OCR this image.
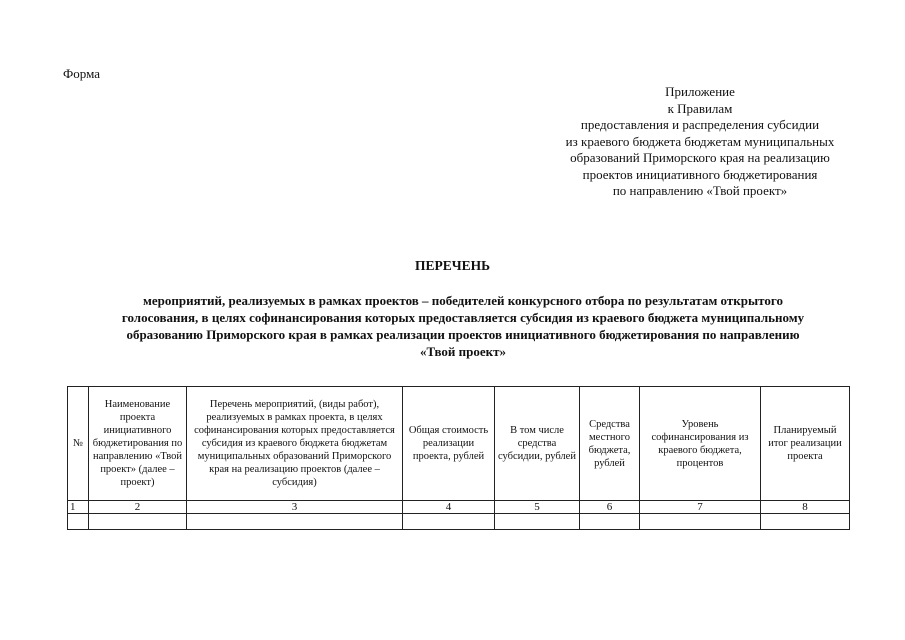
Форма
Приложение
к Правилам
предоставления и распределения субсидии
из краевого бюджета бюджетам муниципальных
образований Приморского края на реализацию
проектов инициативного бюджетирования
по направлению «Твой проект»
ПЕРЕЧЕНЬ
мероприятий, реализуемых в рамках проектов – победителей конкурсного отбора по результатам открытого
голосования, в целях софинансирования которых предоставляется субсидия из краевого бюджета муниципальному
образованию Приморского края в рамках реализации проектов инициативного бюджетирования по направлению
«Твой проект»
№	Наименование проекта инициативного бюджетирования по направлению «Твой проект» (далее – проект)	Перечень мероприятий, (виды работ), реализуемых в рамках проекта, в целях софинансирования которых предоставляется субсидия из краевого бюджета бюджетам муниципальных образований Приморского края на реализацию проектов (далее – субсидия)	Общая стоимость реализации проекта, рублей	В том числе средства субсидии, рублей	Средства местного бюджета, рублей	Уровень софинансирования из краевого бюджета, процентов	Планируемый итог реализации проекта
1	2	3	4	5	6	7	8
